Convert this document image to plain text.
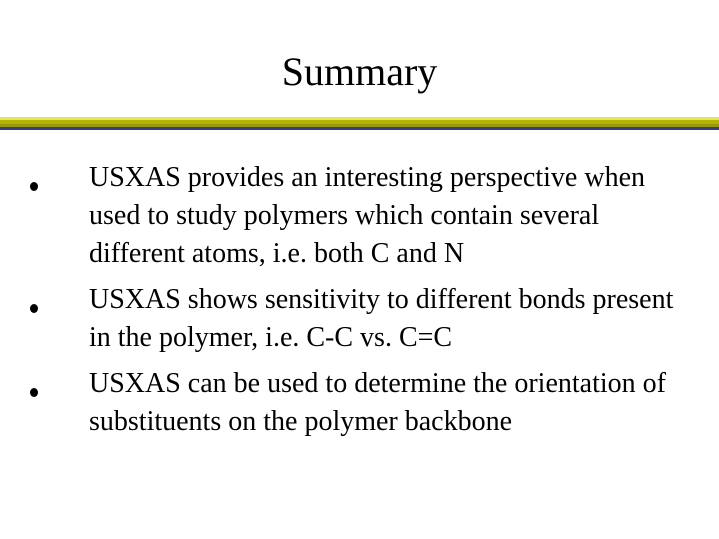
Summary
USXAS provides an interesting perspective when used to study polymers which contain several different atoms, i.e. both C and N
USXAS shows sensitivity to different bonds present in the polymer, i.e. C-C vs. C=C
USXAS can be used to determine the orientation of substituents on the polymer backbone
